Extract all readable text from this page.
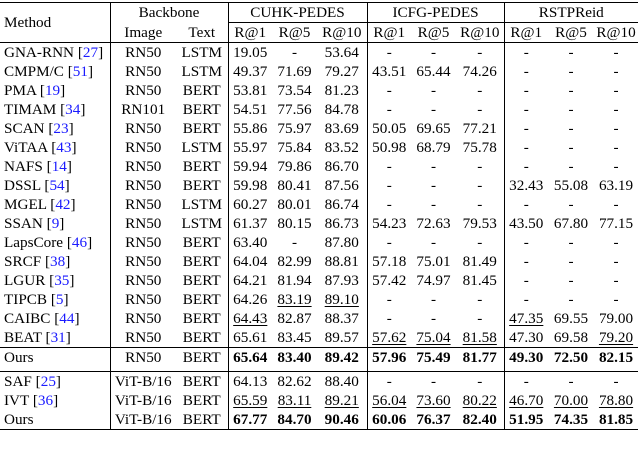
Method	Backbone		CUHK-PEDES			ICFG-PEDES			RSTPReid		
	Image	Text	R@1	R@5	R@10	R@1	R@5	R@10	R@1	R@5	R@10
GNA-RNN [27]	RN50	LSTM	19.05	-	53.64	-	-	-	-	-	-
CMPM/C [51]	RN50	LSTM	49.37	71.69	79.27	43.51	65.44	74.26	-	-	-
PMA [19]	RN50	BERT	53.81	73.54	81.23	-	-	-	-	-	-
TIMAM [34]	RN101	BERT	54.51	77.56	84.78	-	-	-	-	-	-
SCAN [23]	RN50	BERT	55.86	75.97	83.69	50.05	69.65	77.21	-	-	-
ViTAA [43]	RN50	LSTM	55.97	75.84	83.52	50.98	68.79	75.78	-	-	-
NAFS [14]	RN50	BERT	59.94	79.86	86.70	-	-	-	-	-	-
DSSL [54]	RN50	BERT	59.98	80.41	87.56	-	-	-	32.43	55.08	63.19
MGEL [42]	RN50	LSTM	60.27	80.01	86.74	-	-	-	-	-	-
SSAN [9]	RN50	LSTM	61.37	80.15	86.73	54.23	72.63	79.53	43.50	67.80	77.15
LapsCore [46]	RN50	BERT	63.40	-	87.80	-	-	-	-	-	-
SRCF [38]	RN50	BERT	64.04	82.99	88.81	57.18	75.01	81.49	-	-	-
LGUR [35]	RN50	BERT	64.21	81.94	87.93	57.42	74.97	81.45	-	-	-
TIPCB [5]	RN50	BERT	64.26	83.19	89.10	-	-	-	-	-	-
CAIBC [44]	RN50	BERT	64.43	82.87	88.37	-	-	-	47.35	69.55	79.00
BEAT [31]	RN50	BERT	65.61	83.45	89.57	57.62	75.04	81.58	47.30	69.58	79.20
Ours	RN50	BERT	65.64	83.40	89.42	57.96	75.49	81.77	49.30	72.50	82.15

SAF [25]	ViT-B/16	BERT	64.13	82.62	88.40	-	-	-	-	-	-
IVT [36]	ViT-B/16	BERT	65.59	83.11	89.21	56.04	73.60	80.22	46.70	70.00	78.80
Ours	ViT-B/16	BERT	67.77	84.70	90.46	60.06	76.37	82.40	51.95	74.35	81.85
